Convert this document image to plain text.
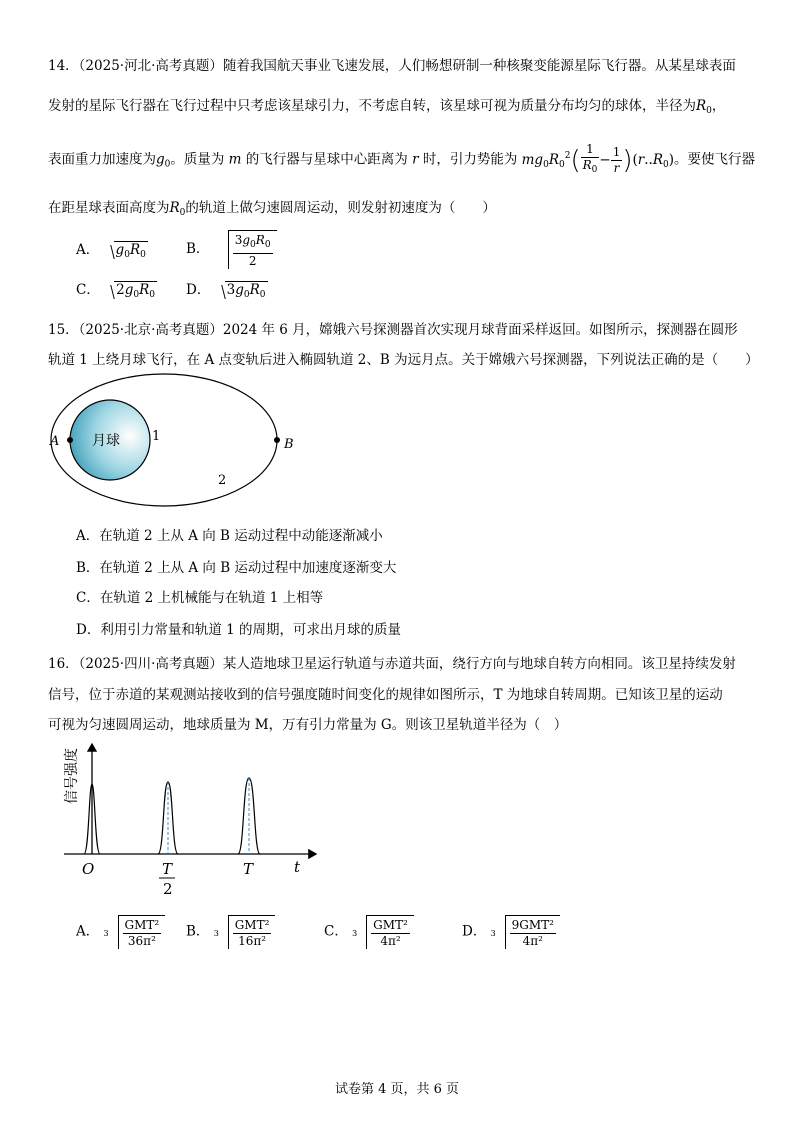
14．（2025·河北·高考真题）随着我国航天事业飞速发展，人们畅想研制一种核聚变能源星际飞行器。从某星球表面
发射的星际飞行器在飞行过程中只考虑该星球引力，不考虑自转，该星球可视为质量分布均匀的球体，半径为$R_0$，
表面重力加速度为$g_0$。质量为 m 的飞行器与星球中心距离为 r 时，引力势能为 $mg_0R_0^2( \frac{1}{R_0} - \frac{1}{r} )(r..R_0)$。要使飞行器
在距星球表面高度为$R_0$的轨道上做匀速圆周运动，则发射初速度为（　　）
A． $g_0R_0$	B． $\frac{3g_0R_0}{2}$
C． $2g_0R_0$ D． $3g_0R_0$
15．（2025·北京·高考真题）2024 年 6 月，嫦娥六号探测器首次实现月球背面采样返回。如图所示，探测器在圆形
轨道 1 上绕月球飞行，在 A 点变轨后进入椭圆轨道 2、B 为远月点。关于嫦娥六号探测器，下列说法正确的是（　　）
月球
A	B
1
2
A．在轨道 2 上从 A 向 B 运动过程中动能逐渐减小
B．在轨道 2 上从 A 向 B 运动过程中加速度逐渐变大
C．在轨道 2 上机械能与在轨道 1 上相等
D．利用引力常量和轨道 1 的周期，可求出月球的质量
16．（2025·四川·高考真题）某人造地球卫星运行轨道与赤道共面，绕行方向与地球自转方向相同。该卫星持续发射
信号，位于赤道的某观测站接收到的信号强度随时间变化的规律如图所示，T 为地球自转周期。已知该卫星的运动
可视为匀速圆周运动，地球质量为 M，万有引力常量为 G。则该卫星轨道半径为（　）
信号强度
O	T
2
T	t
A． $3 \frac{\text{GMT²}}{\text{36π²}}$ B． $3 \frac{\text{GMT²}}{\text{16π²}}$	C． $3 \frac{\text{GMT²}}{\text{4π²}}$	D． $3 \frac{\text{9GMT²}}{\text{4π²}}$
试卷第 4 页，共 6 页
